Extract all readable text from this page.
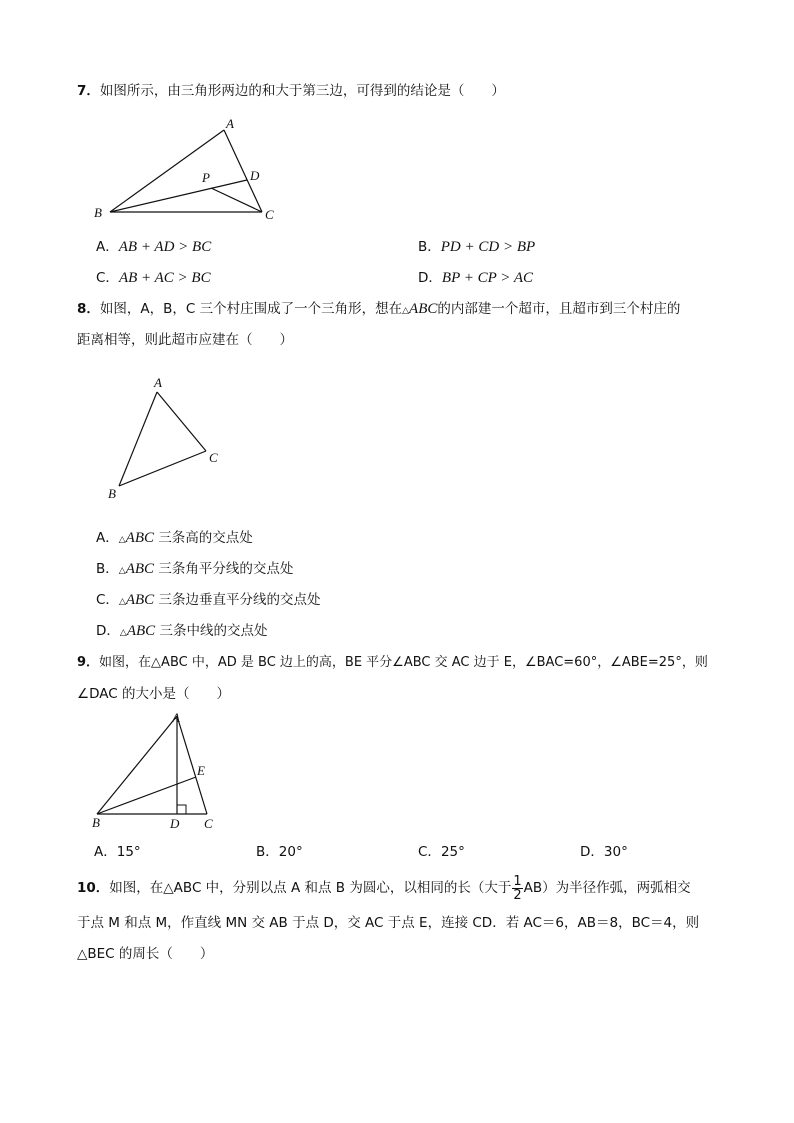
7．如图所示，由三角形两边的和大于第三边，可得到的结论是（　　）
A
B	C
D
P
A．AB + AD > BC	B．PD + CD > BP
C．AB + AC > BC	D．BP + CP > AC
8．如图，A，B，C 三个村庄围成了一个三角形，想在△ABC的内部建一个超市，且超市到三个村庄的
距离相等，则此超市应建在（　　）
A
B
C
A．△ABC 三条高的交点处
B．△ABC 三条角平分线的交点处
C．△ABC 三条边垂直平分线的交点处
D．△ABC 三条中线的交点处
9．如图，在△ABC 中，AD 是 BC 边上的高，BE 平分∠ABC 交 AC 边于 E，∠BAC=60°，∠ABE=25°，则
∠DAC 的大小是（　　）
A
B	C
D
E
A．15°	B．20°	C．25°	D．30°
10．如图，在△ABC 中，分别以点 A 和点 B 为圆心，以相同的长（大于 $\frac{1}{2} AB$）为半径作弧，两弧相交
于点 M 和点 M，作直线 MN 交 AB 于点 D，交 AC 于点 E，连接 CD．若 AC＝6，AB＝8，BC＝4，则
△BEC 的周长（　　）
